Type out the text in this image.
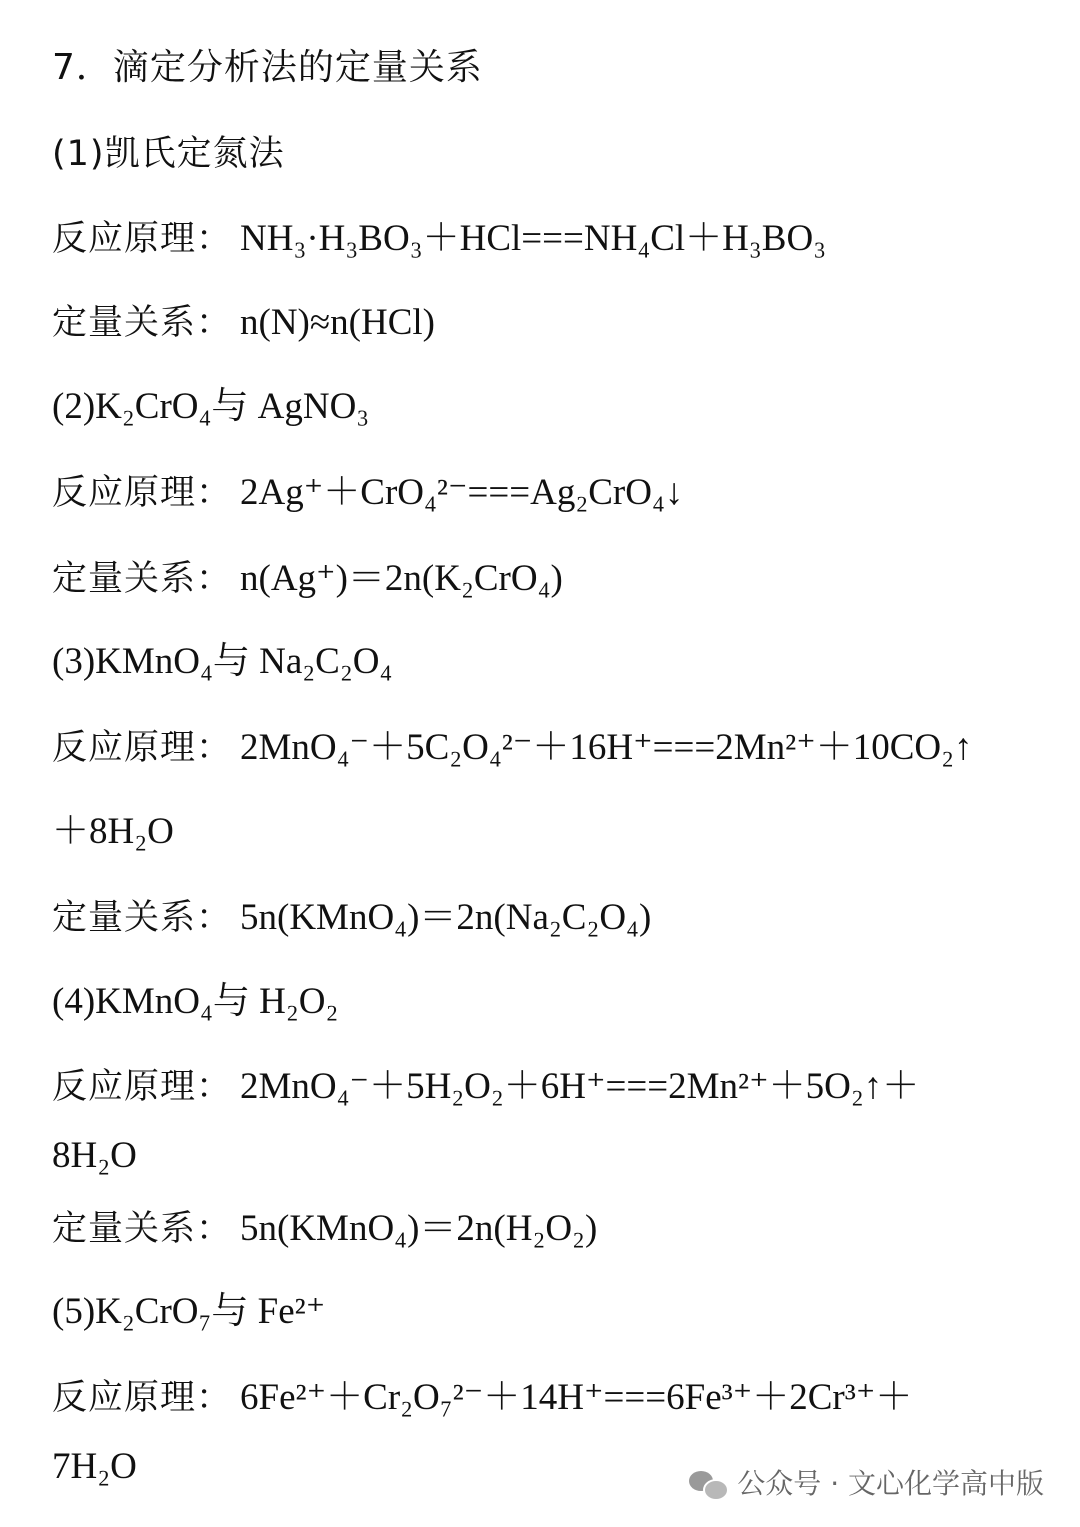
7．滴定分析法的定量关系
(1)凯氏定氮法
反应原理： NH₃·H₃BO₃＋HCl===NH₄Cl＋H₃BO₃
定量关系： n(N)≈n(HCl)
(2)K₂CrO₄与 AgNO₃
反应原理： 2Ag⁺＋CrO₄²⁻===Ag₂CrO₄↓
定量关系： n(Ag⁺)＝2n(K₂CrO₄)
(3)KMnO₄与 Na₂C₂O₄
反应原理： 2MnO₄⁻＋5C₂O₄²⁻＋16H⁺===2Mn²⁺＋10CO₂↑
＋8H₂O
定量关系： 5n(KMnO₄)＝2n(Na₂C₂O₄)
(4)KMnO₄与 H₂O₂
反应原理： 2MnO₄⁻＋5H₂O₂＋6H⁺===2Mn²⁺＋5O₂↑＋
8H₂O
定量关系： 5n(KMnO₄)＝2n(H₂O₂)
(5)K₂CrO₇与 Fe²⁺
反应原理： 6Fe²⁺＋Cr₂O₇²⁻＋14H⁺===6Fe³⁺＋2Cr³⁺＋
7H₂O	公众号 · 文心化学高中版
